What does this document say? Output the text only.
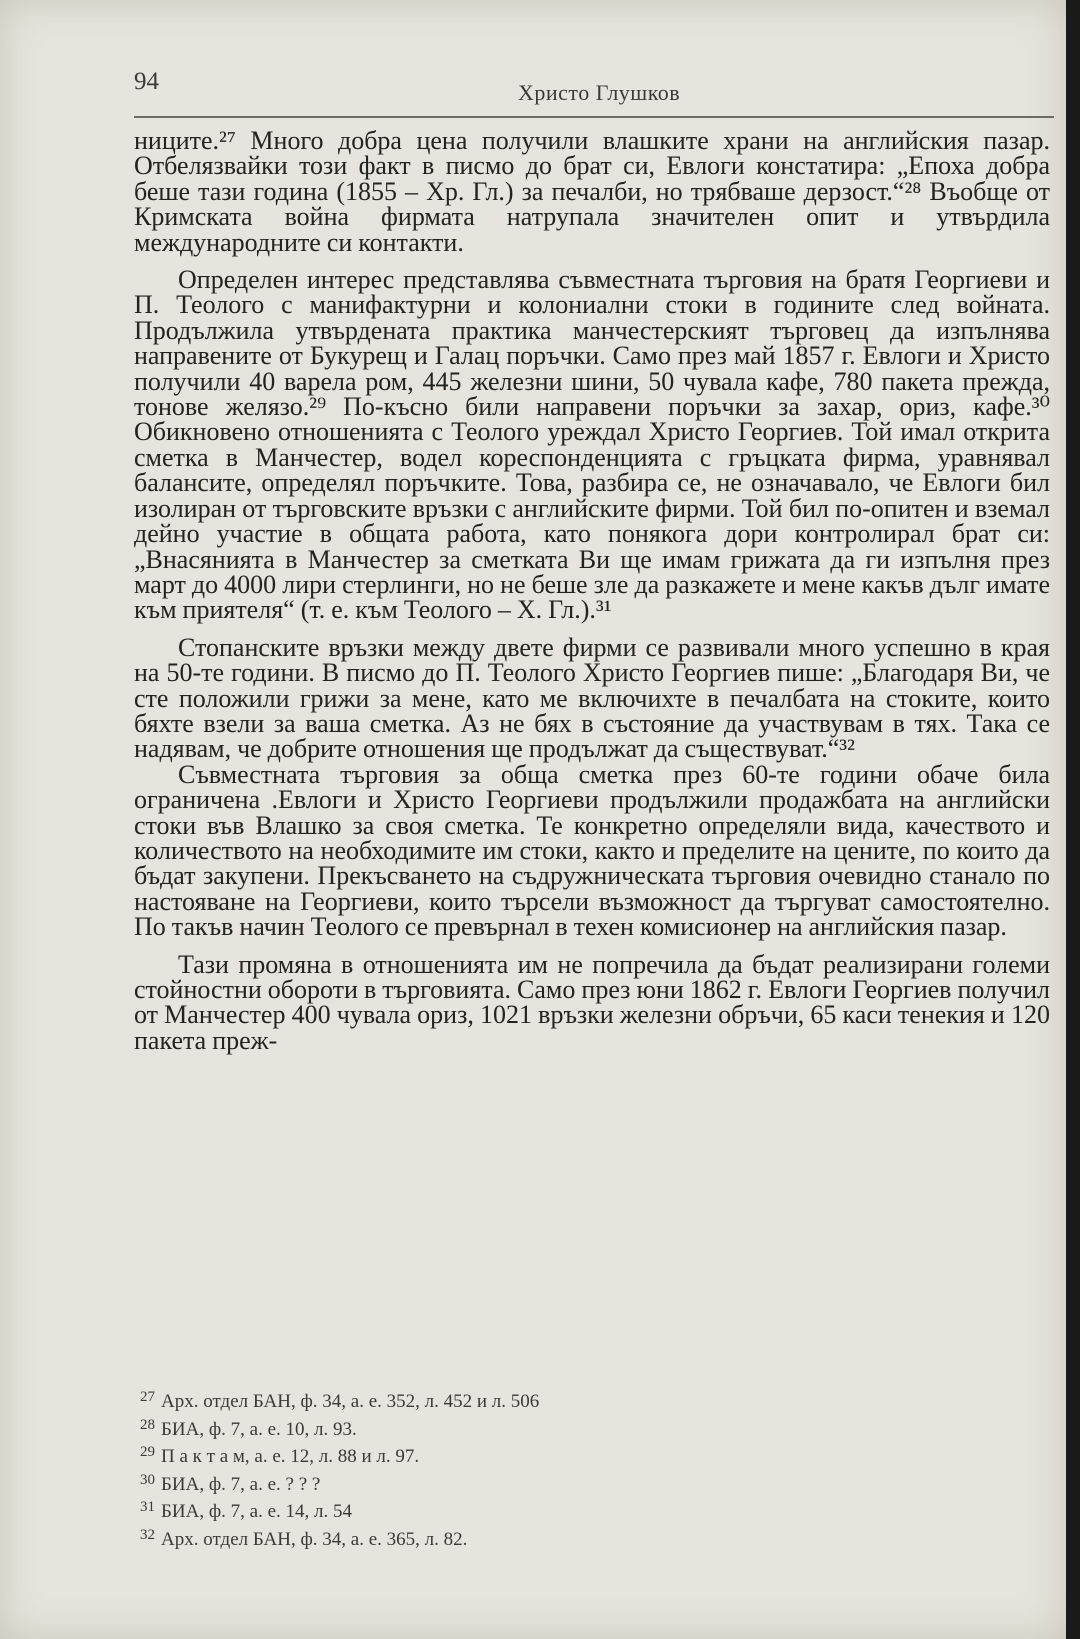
94	Христо Глушков

ниците.²⁷ Много добра цена получили влашките храни на английския пазар. Отбелязвайки този факт в писмо до брат си, Евлоги констатира: „Епоха добра беше тази година (1855 – Хр. Гл.) за печалби, но трябваше дерзост.“²⁸ Въобще от Кримската война фирмата натрупала значителен опит и утвърдила международните си контакти.

Определен интерес представлява съвместната търговия на братя Георгиеви и П. Теолого с манифактурни и колониални стоки в годините след войната. Продължила утвърдената практика манчестерският търговец да изпълнява направените от Букурещ и Галац поръчки. Само през май 1857 г. Евлоги и Христо получили 40 варела ром, 445 железни шини, 50 чувала кафе, 780 пакета прежда, тонове желязо.²⁹ По-късно били направени поръчки за захар, ориз, кафе.³⁰ Обикновено отношенията с Теолого уреждал Христо Георгиев. Той имал открита сметка в Манчестер, водел кореспонденцията с гръцката фирма, уравнявал балансите, определял поръчките. Това, разбира се, не означавало, че Евлоги бил изолиран от търговските връзки с английските фирми. Той бил по-опитен и вземал дейно участие в общата работа, като понякога дори контролирал брат си: „Внасянията в Манчестер за сметката Ви ще имам грижата да ги изпълня през март до 4000 лири стерлинги, но не беше зле да разкажете и мене какъв дълг имате към приятеля“ (т. е. към Теолого – Х. Гл.).³¹

Стопанските връзки между двете фирми се развивали много успешно в края на 50-те години. В писмо до П. Теолого Христо Георгиев пише: „Благодаря Ви, че сте положили грижи за мене, като ме включихте в печалбата на стоките, които бяхте взели за ваша сметка. Аз не бях в състояние да участвувам в тях. Така се надявам, че добрите отношения ще продължат да съществуват.“³²

Съвместната търговия за обща сметка през 60-те години обаче била ограничена .Евлоги и Христо Георгиеви продължили продажбата на английски стоки във Влашко за своя сметка. Те конкретно определяли вида, качеството и количеството на необходимите им стоки, както и пределите на цените, по които да бъдат закупени. Прекъсването на съдружническата търговия очевидно станало по настояване на Георгиеви, които търсели възможност да търгуват самостоятелно. По такъв начин Теолого се превърнал в техен комисионер на английския пазар.

Тази промяна в отношенията им не попречила да бъдат реализирани големи стойностни обороти в търговията. Само през юни 1862 г. Евлоги Георгиев получил от Манчестер 400 чувала ориз, 1021 връзки железни обръчи, 65 каси тенекия и 120 пакета преж-

$^{27}$ Арх. отдел БАН, ф. 34, а. е. 352, л. 452 и л. 506
$^{28}$ БИА, ф. 7, а. е. 10, л. 93.
$^{29}$ П а к т а м, а. е. 12, л. 88 и л. 97.
$^{30}$ БИА, ф. 7, а. е. ? ? ?
$^{31}$ БИА, ф. 7, а. е. 14, л. 54
$^{32}$ Арх. отдел БАН, ф. 34, а. е. 365, л. 82.
